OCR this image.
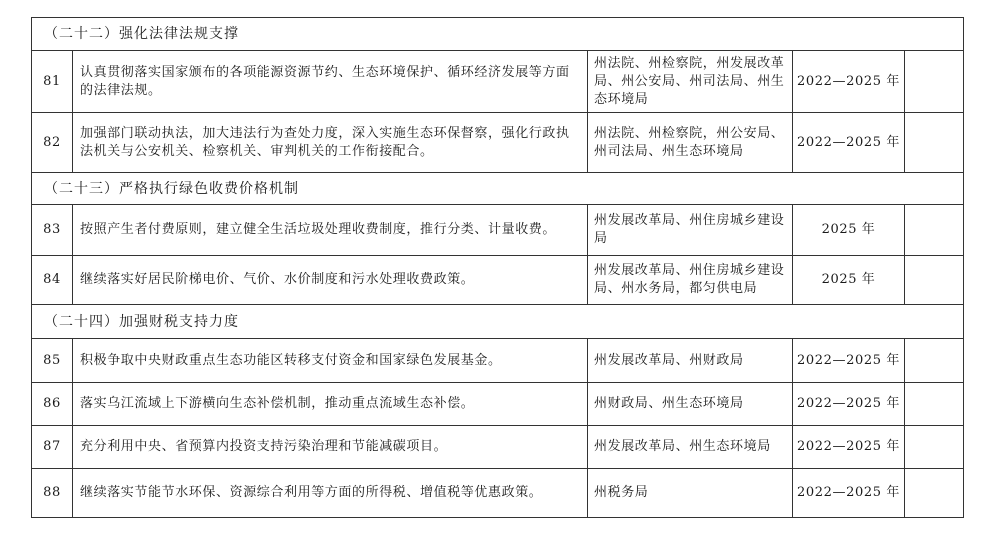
（二十二）强化法律法规支撑				
81	认真贯彻落实国家颁布的各项能源资源节约、生态环境保护、循环经济发展等方面的法律法规。	州法院、州检察院，州发展改革局、州公安局、州司法局、州生态环境局	2022—2025 年	
82	加强部门联动执法，加大违法行为查处力度，深入实施生态环保督察，强化行政执法机关与公安机关、检察机关、审判机关的工作衔接配合。	州法院、州检察院，州公安局、州司法局、州生态环境局	2022—2025 年	
（二十三）严格执行绿色收费价格机制				
83	按照产生者付费原则，建立健全生活垃圾处理收费制度，推行分类、计量收费。	州发展改革局、州住房城乡建设局	2025 年	
84	继续落实好居民阶梯电价、气价、水价制度和污水处理收费政策。	州发展改革局、州住房城乡建设局、州水务局，都匀供电局	2025 年	
（二十四）加强财税支持力度				
85	积极争取中央财政重点生态功能区转移支付资金和国家绿色发展基金。	州发展改革局、州财政局	2022—2025 年	
86	落实乌江流域上下游横向生态补偿机制，推动重点流域生态补偿。	州财政局、州生态环境局	2022—2025 年	
87	充分利用中央、省预算内投资支持污染治理和节能减碳项目。	州发展改革局、州生态环境局	2022—2025 年	
88	继续落实节能节水环保、资源综合利用等方面的所得税、增值税等优惠政策。	州税务局	2022—2025 年	
